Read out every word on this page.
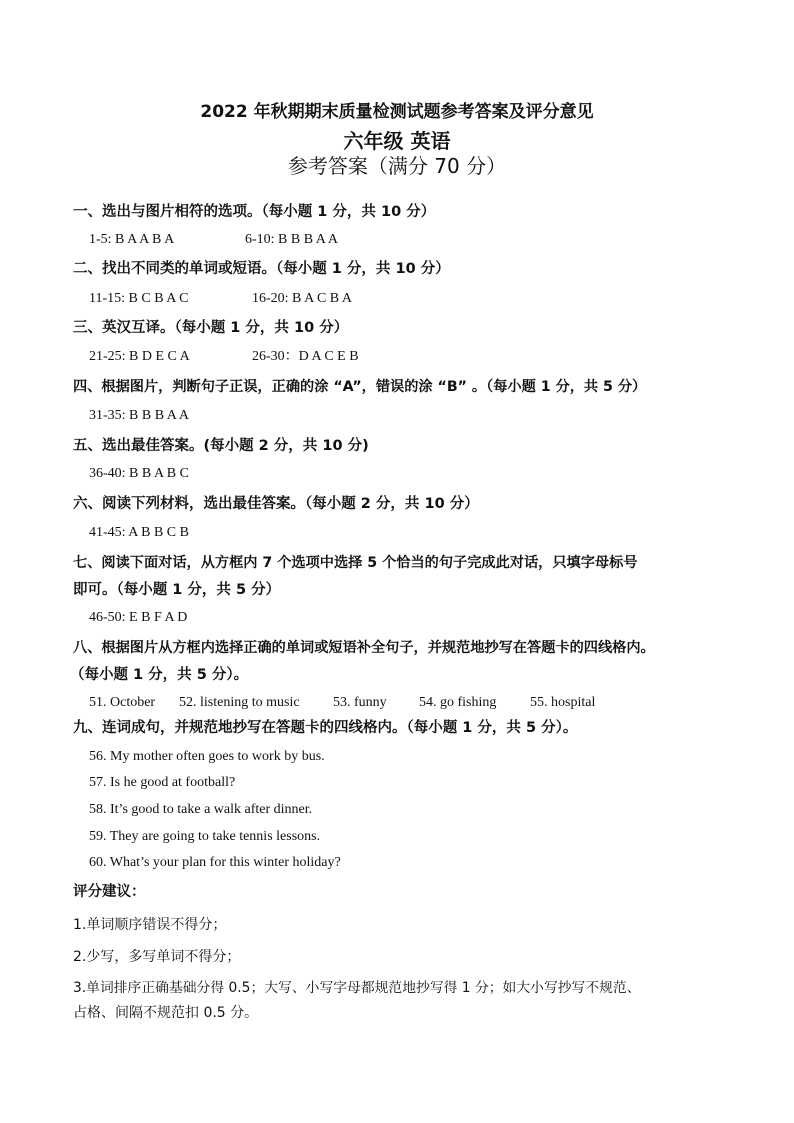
2022 年秋期期末质量检测试题参考答案及评分意见
六年级 英语
参考答案（满分 70 分）
一、选出与图片相符的选项。（每小题 1 分，共 10 分）
1-5: B A A B A	6-10: B B B A A
二、找出不同类的单词或短语。（每小题 1 分，共 10 分）
11-15: B C B A C	16-20: B A C B A
三、英汉互译。（每小题 1 分，共 10 分）
21-25: B D E C A	26-30：D A C E B
四、根据图片，判断句子正误，正确的涂 “A”，错误的涂 “B” 。（每小题 1 分，共 5 分）
31-35: B B B A A
五、选出最佳答案。(每小题 2 分，共 10 分)
36-40: B B A B C
六、阅读下列材料，选出最佳答案。（每小题 2 分，共 10 分）
41-45: A B B C B
七、阅读下面对话，从方框内 7 个选项中选择 5 个恰当的句子完成此对话，只填字母标号
即可。（每小题 1 分，共 5 分）
46-50: E B F A D
八、根据图片从方框内选择正确的单词或短语补全句子，并规范地抄写在答题卡的四线格内。
（每小题 1 分，共 5 分）。
51. October 52. listening to music 53. funny 54. go fishing 55. hospital
九、连词成句，并规范地抄写在答题卡的四线格内。（每小题 1 分，共 5 分）。
56. My mother often goes to work by bus.
57. Is he good at football?
58. It’s good to take a walk after dinner.
59. They are going to take tennis lessons.
60. What’s your plan for this winter holiday?
评分建议：
1.单词顺序错误不得分；
2.少写，多写单词不得分；
3.单词排序正确基础分得 0.5；大写、小写字母都规范地抄写得 1 分；如大小写抄写不规范、
占格、间隔不规范扣 0.5 分。
